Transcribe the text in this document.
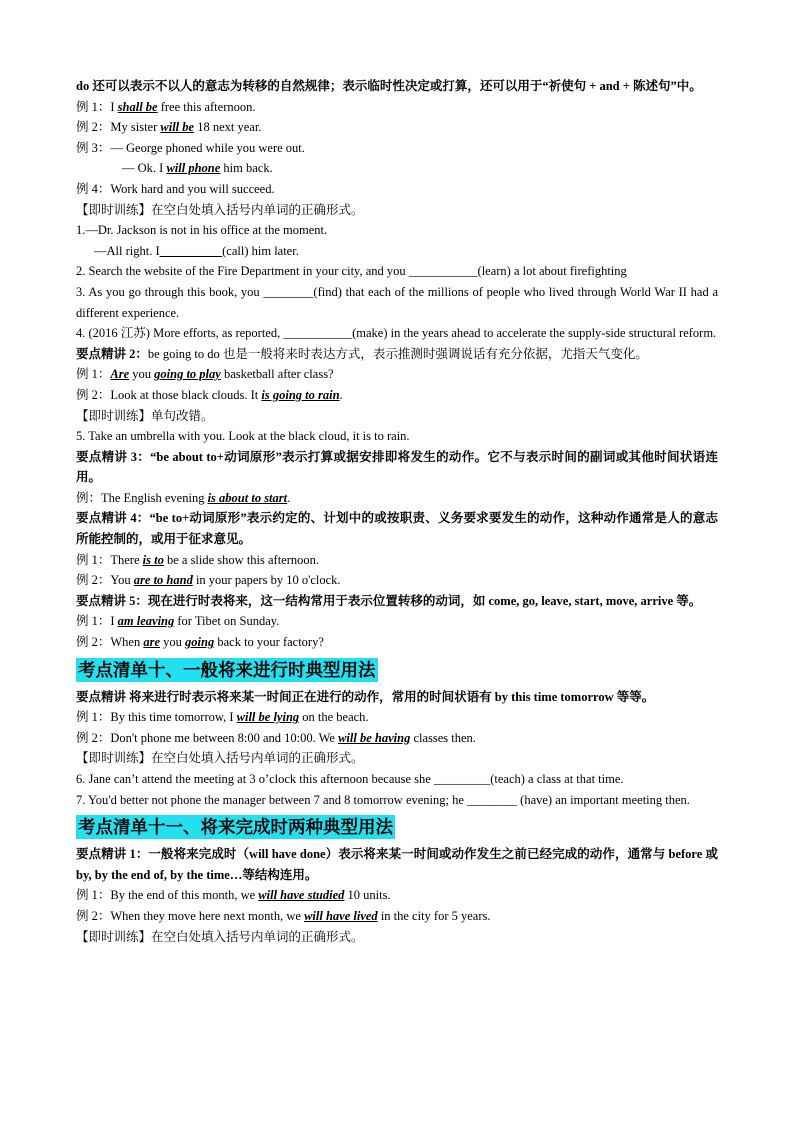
do 还可以表示不以人的意志为转移的自然规律；表示临时性决定或打算，还可以用于“祈使句 + and + 陈述句”中。
例 1：I shall be free this afternoon.
例 2：My sister will be 18 next year.
例 3：— George phoned while you were out.
— Ok. I will phone him back.
例 4：Work hard and you will succeed.
【即时训练】在空白处填入括号内单词的正确形式。
1.—Dr. Jackson is not in his office at the moment.
—All right. I__________(call) him later.
2. Search the website of the Fire Department in your city, and you ___________(learn) a lot about firefighting
3. As you go through this book, you ________(find) that each of the millions of people who lived through World War II had a different experience.
4. (2016 江苏) More efforts, as reported, ___________(make) in the years ahead to accelerate the supply-side structural reform.
要点精讲 2：be going to do 也是一般将来时表达方式，表示推测时强调说话有充分依据，尤指天气变化。
例 1：Are you going to play basketball after class?
例 2：Look at those black clouds. It is going to rain.
【即时训练】单句改错。
5. Take an umbrella with you. Look at the black cloud, it is to rain.
要点精讲 3：“be about to+动词原形”表示打算或据安排即将发生的动作。它不与表示时间的副词或其他时间状语连用。
例：The English evening is about to start.
要点精讲 4：“be to+动词原形”表示约定的、计划中的或按职责、义务要求要发生的动作，这种动作通常是人的意志所能控制的，或用于征求意见。
例 1：There is to be a slide show this afternoon.
例 2：You are to hand in your papers by 10 o'clock.
要点精讲 5：现在进行时表将来，这一结构常用于表示位置转移的动词，如 come, go, leave, start, move, arrive 等。
例 1：I am leaving for Tibet on Sunday.
例 2：When are you going back to your factory?
考点清单十、一般将来进行时典型用法
要点精讲 将来进行时表示将来某一时间正在进行的动作，常用的时间状语有 by this time tomorrow 等等。
例 1：By this time tomorrow, I will be lying on the beach.
例 2：Don't phone me between 8:00 and 10:00. We will be having classes then.
【即时训练】在空白处填入括号内单词的正确形式。
6. Jane can’t attend the meeting at 3 o’clock this afternoon because she _________(teach) a class at that time.
7. You'd better not phone the manager between 7 and 8 tomorrow evening; he ________ (have) an important meeting then.
考点清单十一、将来完成时两种典型用法
要点精讲 1：一般将来完成时（will have done）表示将来某一时间或动作发生之前已经完成的动作，通常与 before 或 by, by the end of, by the time…等结构连用。
例 1：By the end of this month, we will have studied 10 units.
例 2：When they move here next month, we will have lived in the city for 5 years.
【即时训练】在空白处填入括号内单词的正确形式。
